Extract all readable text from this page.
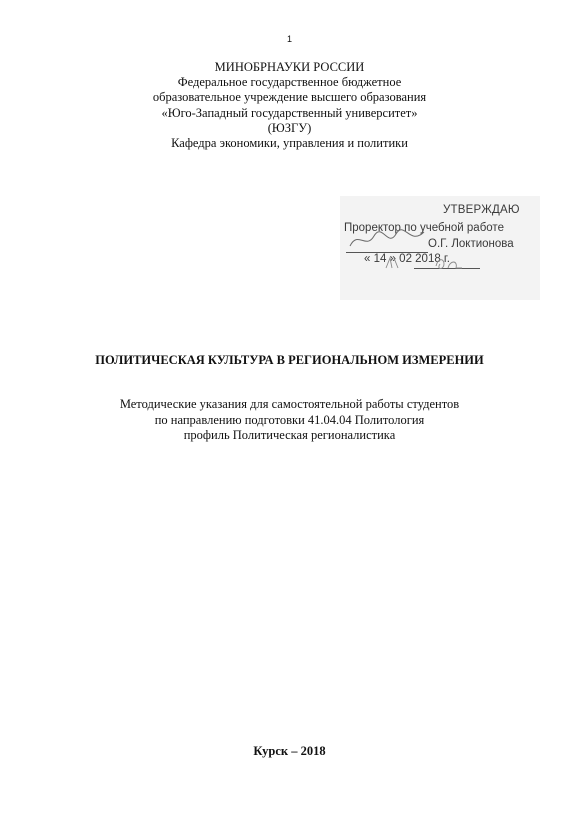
1
МИНОБРНАУКИ РОССИИ
Федеральное государственное бюджетное
образовательное учреждение высшего образования
«Юго-Западный государственный университет»
(ЮЗГУ)
Кафедра экономики, управления и политики
УТВЕРЖДАЮ
Проректор по учебной работе
О.Г. Локтионова
« 14 » 02 2018 г.
ПОЛИТИЧЕСКАЯ КУЛЬТУРА В РЕГИОНАЛЬНОМ ИЗМЕРЕНИИ
Методические указания для самостоятельной работы студентов
по направлению подготовки 41.04.04 Политология
профиль Политическая регионалистика
Курск – 2018
